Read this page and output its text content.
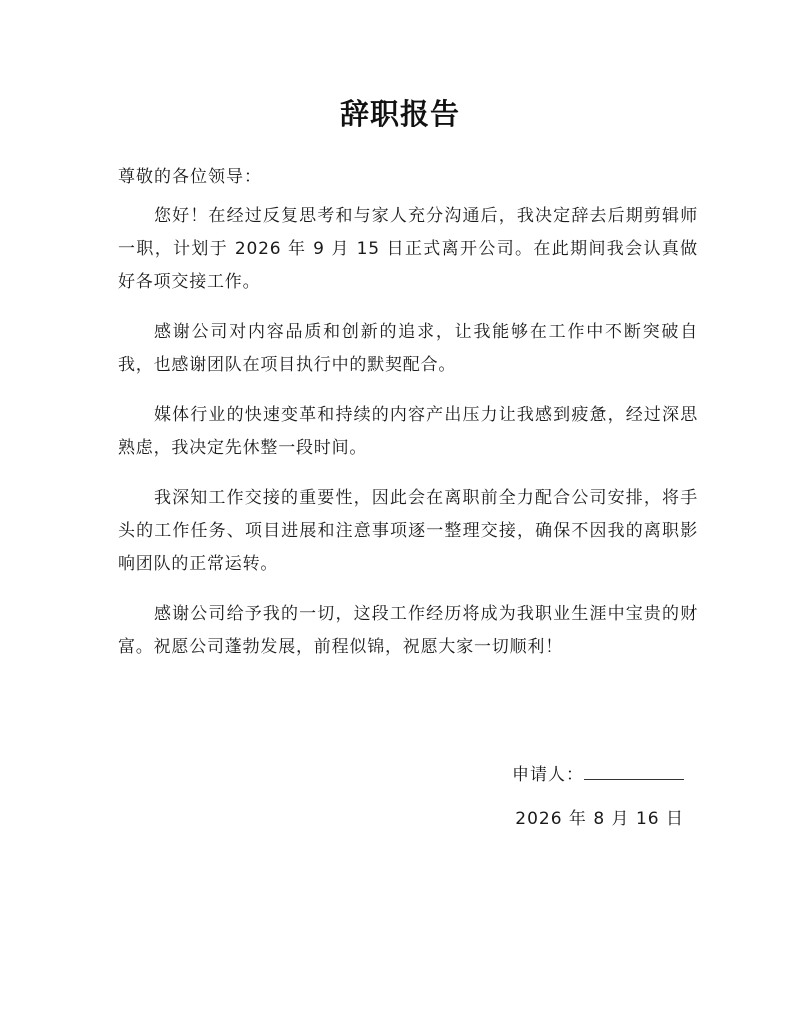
辞职报告
尊敬的各位领导：

您好！在经过反复思考和与家人充分沟通后，我决定辞去后期剪辑师一职，计划于 2026 年 9 月 15 日正式离开公司。在此期间我会认真做好各项交接工作。

感谢公司对内容品质和创新的追求，让我能够在工作中不断突破自我，也感谢团队在项目执行中的默契配合。

媒体行业的快速变革和持续的内容产出压力让我感到疲惫，经过深思熟虑，我决定先休整一段时间。

我深知工作交接的重要性，因此会在离职前全力配合公司安排，将手头的工作任务、项目进展和注意事项逐一整理交接，确保不因我的离职影响团队的正常运转。

感谢公司给予我的一切，这段工作经历将成为我职业生涯中宝贵的财富。祝愿公司蓬勃发展，前程似锦，祝愿大家一切顺利！

申请人：
2026 年 8 月 16 日
